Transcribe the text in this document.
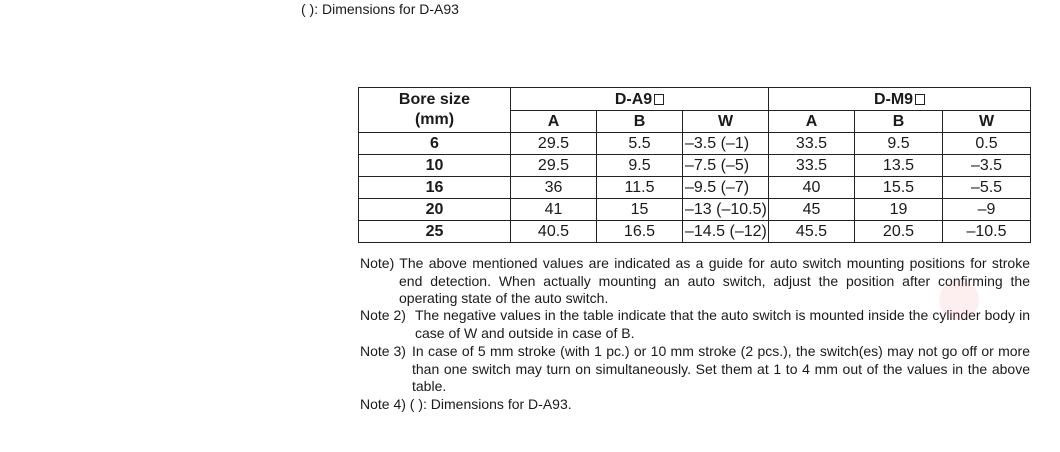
( ): Dimensions for D-A93
Bore size
(mm)	D-A9			D-M9		
	A	B	W	A	B	W
6	29.5	5.5	–3.5 (–1)	33.5	9.5	0.5
10	29.5	9.5	–7.5 (–5)	33.5	13.5	–3.5
16	36	11.5	–9.5 (–7)	40	15.5	–5.5
20	41	15	–13 (–10.5)	45	19	–9
25	40.5	16.5	–14.5 (–12)	45.5	20.5	–10.5
Note) The above mentioned values are indicated as a guide for auto switch mounting positions for stroke end detection. When actually mounting an auto switch, adjust the position after confirming the operating state of the auto switch.
Note 2) The negative values in the table indicate that the auto switch is mounted inside the cylinder body in case of W and outside in case of B.
Note 3) In case of 5 mm stroke (with 1 pc.) or 10 mm stroke (2 pcs.), the switch(es) may not go off or more than one switch may turn on simultaneously. Set them at 1 to 4 mm out of the values in the above table.
Note 4) ( ): Dimensions for D-A93.
